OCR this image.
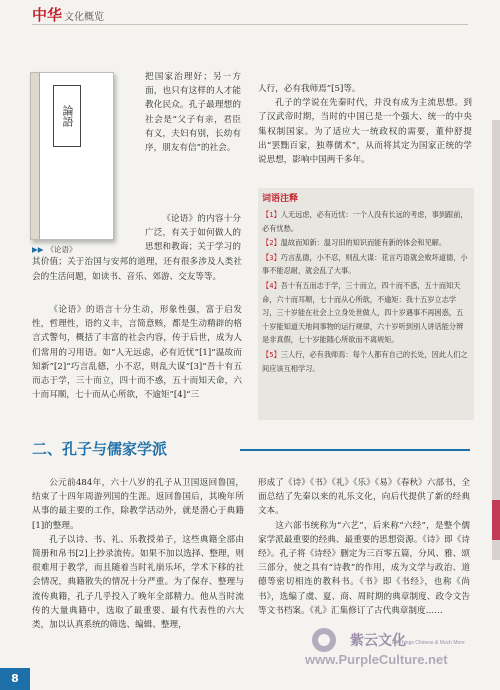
中华 文化概览
論語
▶▶ 《论语》

把国家治理好；另一方面，也只有这样的人才能教化民众。孔子最理想的社会是“父子有亲，君臣有义，夫妇有别，长幼有序，朋友有信”的社会。

《论语》的内容十分广泛，有关于如何做人的思想和教诲；关于学习的

其价值；关于治国与安邦的道理，还有很多涉及人类社会的生活问题，如读书、音乐、郊游、交友等等。

《论语》的语言十分生动，形象性强，富于启发性，哲理性，语约义丰，言简意赅，都是生动精辟的格言式警句，概括了丰富的社会内容，传于后世，成为人们常用的习用语。如“人无远虑，必有近忧”[1]“温故而知新”[2]“巧言乱德，小不忍，则乱大谋”[3]“吾十有五而志于学，三十而立，四十而不惑，五十而知天命，六十而耳顺，七十而从心所欲，不逾矩”[4]“三

人行，必有我师焉”[5]等。

孔子的学说在先秦时代，并没有成为主流思想。到了汉武帝时期，当时的中国已是一个强大、统一的中央集权制国家。为了适应大一统政权的需要，董仲舒提出“罢黜百家，独尊儒术”，从而将其定为国家正统的学说思想，影响中国两千多年。

词语注释
【1】人无远虑，必有近忧：一个人没有长远的考虑，事到跟前，必有忧愁。
【2】温故而知新：温习旧的知识而能有新的体会和见解。
【3】巧言乱德，小不忍，则乱大谋：花言巧语就会败坏道德，小事不能忍耐，就会乱了大事。
【4】吾十有五而志于学，三十而立，四十而不惑，五十而知天命，六十而耳顺，七十而从心所欲，不逾矩：我十五岁立志学习，三十岁能在社会上立身处世做人，四十岁遇事不再困惑，五十岁能知道天地间事物的运行规律，六十岁听到别人讲话能分辨是非真假，七十岁能随心所欲而不离规矩。
【5】三人行，必有我师焉：每个人都有自己的长处，因此人们之间应该互相学习。
二、孔子与儒家学派

公元前484年，六十八岁的孔子从卫国返回鲁国，结束了十四年周游列国的生涯。返回鲁国后，其晚年所从事的最主要的工作，除教学活动外，就是潜心于典籍[1]的整理。

孔子以诗、书、礼、乐教授弟子，这些典籍全部由简册和帛书[2]上抄录流传。如果不加以选择、整理，则很难用于教学，而且随着当时礼崩乐坏，学术下移的社会情况，典籍散失的情况十分严重。为了保存、整理与流传典籍，孔子几乎投入了晚年全部精力。他从当时流传的大量典籍中，选取了最重要、最有代表性的六大类，加以认真系统的筛选、编辑、整理，

形成了《诗》《书》《礼》《乐》《易》《春秋》六部书，全面总结了先秦以来的礼乐文化，向后代提供了新的经典文本。

这六部书统称为“六艺”，后来称“六经”，是整个儒家学派最重要的经典、最重要的思想资源。《诗》即《诗经》。孔子将《诗经》删定为三百零五篇，分风、雅、颂三部分，使之具有“诗教”的作用，成为文学与政治、道德等密切相连的教科书。《书》即《书经》，也称《尚书》，选编了虞、夏、商、周时期的典章制度、政令文告等文书档案。《礼》汇集修订了古代典章制度……

紫云文化
All Things Chinese & Much More
www.PurpleCulture.net
8
